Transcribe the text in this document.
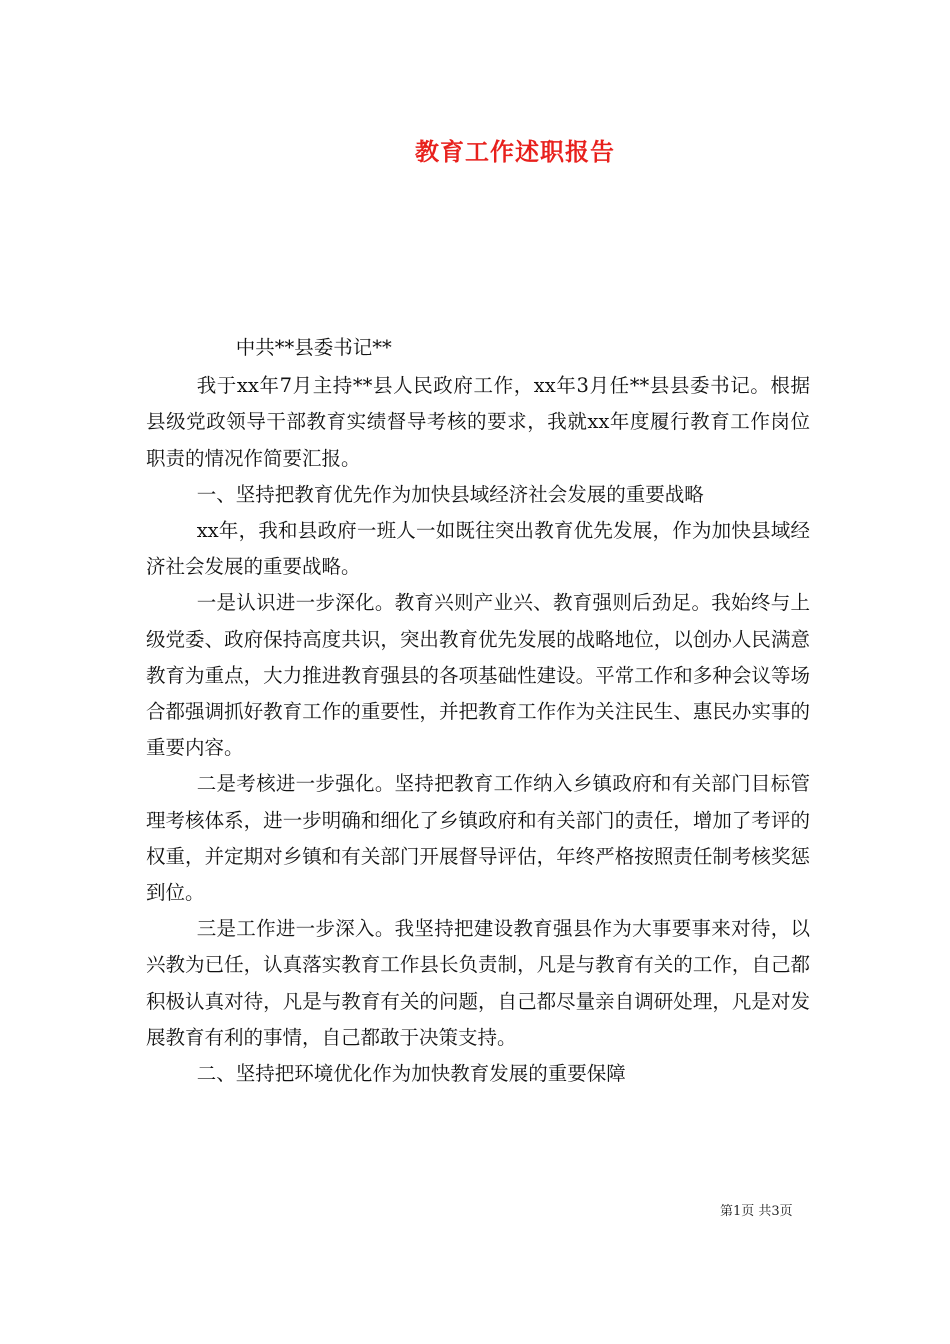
教育工作述职报告

中共**县委书记**

我于xx年7月主持**县人民政府工作，xx年3月任**县县委书记。根据县级党政领导干部教育实绩督导考核的要求，我就xx年度履行教育工作岗位职责的情况作简要汇报。

一、坚持把教育优先作为加快县域经济社会发展的重要战略

xx年，我和县政府一班人一如既往突出教育优先发展，作为加快县域经济社会发展的重要战略。

一是认识进一步深化。教育兴则产业兴、教育强则后劲足。我始终与上级党委、政府保持高度共识，突出教育优先发展的战略地位，以创办人民满意教育为重点，大力推进教育强县的各项基础性建设。平常工作和多种会议等场合都强调抓好教育工作的重要性，并把教育工作作为关注民生、惠民办实事的重要内容。

二是考核进一步强化。坚持把教育工作纳入乡镇政府和有关部门目标管理考核体系，进一步明确和细化了乡镇政府和有关部门的责任，增加了考评的权重，并定期对乡镇和有关部门开展督导评估，年终严格按照责任制考核奖惩到位。

三是工作进一步深入。我坚持把建设教育强县作为大事要事来对待，以兴教为已任，认真落实教育工作县长负责制，凡是与教育有关的工作，自己都积极认真对待，凡是与教育有关的问题，自己都尽量亲自调研处理，凡是对发展教育有利的事情，自己都敢于决策支持。

二、坚持把环境优化作为加快教育发展的重要保障

第1页 共3页
